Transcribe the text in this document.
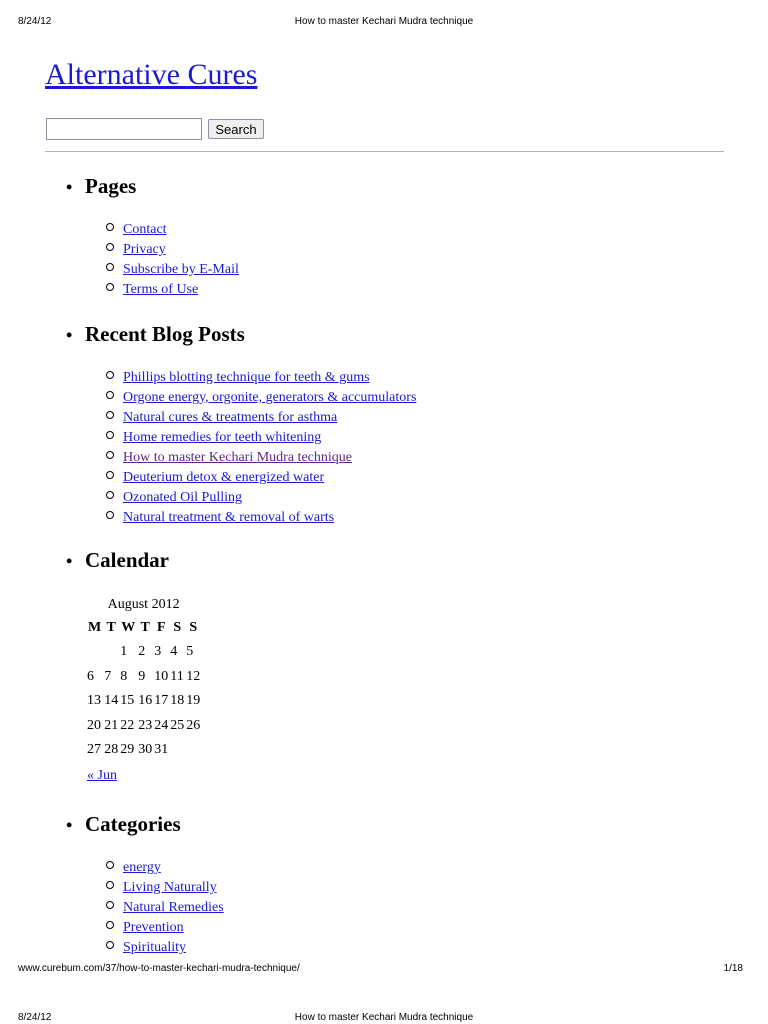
8/24/12	How to master Kechari Mudra technique
Alternative Cures
Search
• Pages
Contact
Privacy
Subscribe by E-Mail
Terms of Use
• Recent Blog Posts
Phillips blotting technique for teeth & gums
Orgone energy, orgonite, generators & accumulators
Natural cures & treatments for asthma
Home remedies for teeth whitening
How to master Kechari Mudra technique
Deuterium detox & energized water
Ozonated Oil Pulling
Natural treatment & removal of warts
• Calendar
August 2012
M	T	W	T	F	S	S
		1	2	3	4	5
6	7	8	9	10	11	12
13	14	15	16	17	18	19
20	21	22	23	24	25	26
27	28	29	30	31		
« Jun
• Categories
energy
Living Naturally
Natural Remedies
Prevention
Spirituality
www.curebum.com/37/how-to-master-kechari-mudra-technique/	1/18
8/24/12	How to master Kechari Mudra technique
